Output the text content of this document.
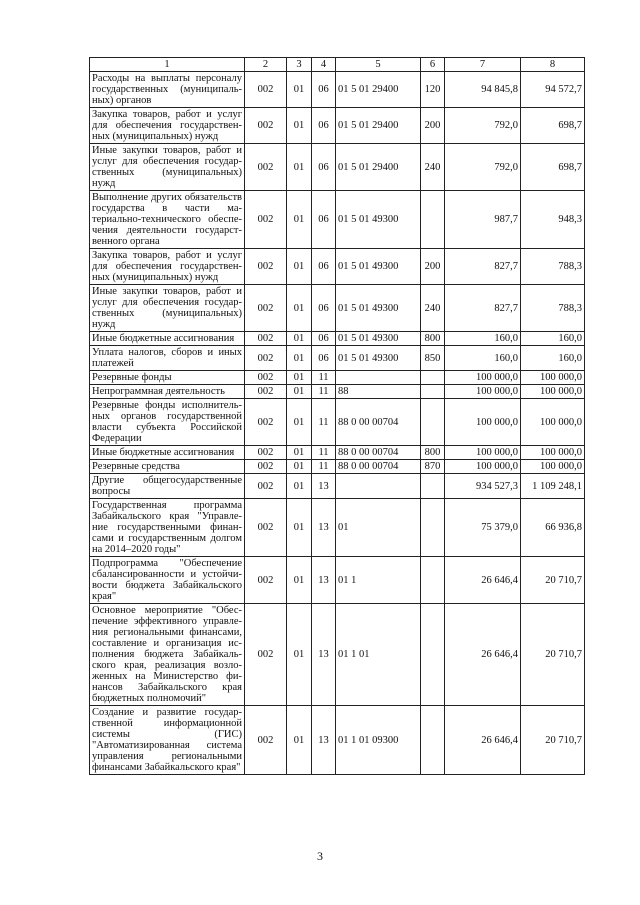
1	2	3	4	5	6	7	8
Расходы на выплаты персоналу государственных (муниципальных) органов	002	01	06	01 5 01 29400	120	94 845,8	94 572,7
Закупка товаров, работ и услуг для обеспечения государственных (муниципальных) нужд	002	01	06	01 5 01 29400	200	792,0	698,7
Иные закупки товаров, работ и услуг для обеспечения государственных (муниципальных) нужд	002	01	06	01 5 01 29400	240	792,0	698,7
Выполнение других обязательств государства в части материально-технического обеспечения деятельности государственного органа	002	01	06	01 5 01 49300		987,7	948,3
Закупка товаров, работ и услуг для обеспечения государственных (муниципальных) нужд	002	01	06	01 5 01 49300	200	827,7	788,3
Иные закупки товаров, работ и услуг для обеспечения государственных (муниципальных) нужд	002	01	06	01 5 01 49300	240	827,7	788,3
Иные бюджетные ассигнования	002	01	06	01 5 01 49300	800	160,0	160,0
Уплата налогов, сборов и иных платежей	002	01	06	01 5 01 49300	850	160,0	160,0
Резервные фонды	002	01	11			100 000,0	100 000,0
Непрограммная деятельность	002	01	11	88		100 000,0	100 000,0
Резервные фонды исполнительных органов государственной власти субъекта Российской Федерации	002	01	11	88 0 00 00704		100 000,0	100 000,0
Иные бюджетные ассигнования	002	01	11	88 0 00 00704	800	100 000,0	100 000,0
Резервные средства	002	01	11	88 0 00 00704	870	100 000,0	100 000,0
Другие общегосударственные вопросы	002	01	13			934 527,3	1 109 248,1
Государственная программа Забайкальского края "Управление государственными финансами и государственным долгом на 2014–2020 годы"	002	01	13	01		75 379,0	66 936,8
Подпрограмма "Обеспечение сбалансированности и устойчивости бюджета Забайкальского края"	002	01	13	01 1		26 646,4	20 710,7
Основное мероприятие "Обеспечение эффективного управления региональными финансами, составление и организация исполнения бюджета Забайкальского края, реализация возложенных на Министерство финансов Забайкальского края бюджетных полномочий"	002	01	13	01 1 01		26 646,4	20 710,7
Создание и развитие государственной информационной системы (ГИС) "Автоматизированная система управления региональными финансами Забайкальского края"	002	01	13	01 1 01 09300		26 646,4	20 710,7
3
